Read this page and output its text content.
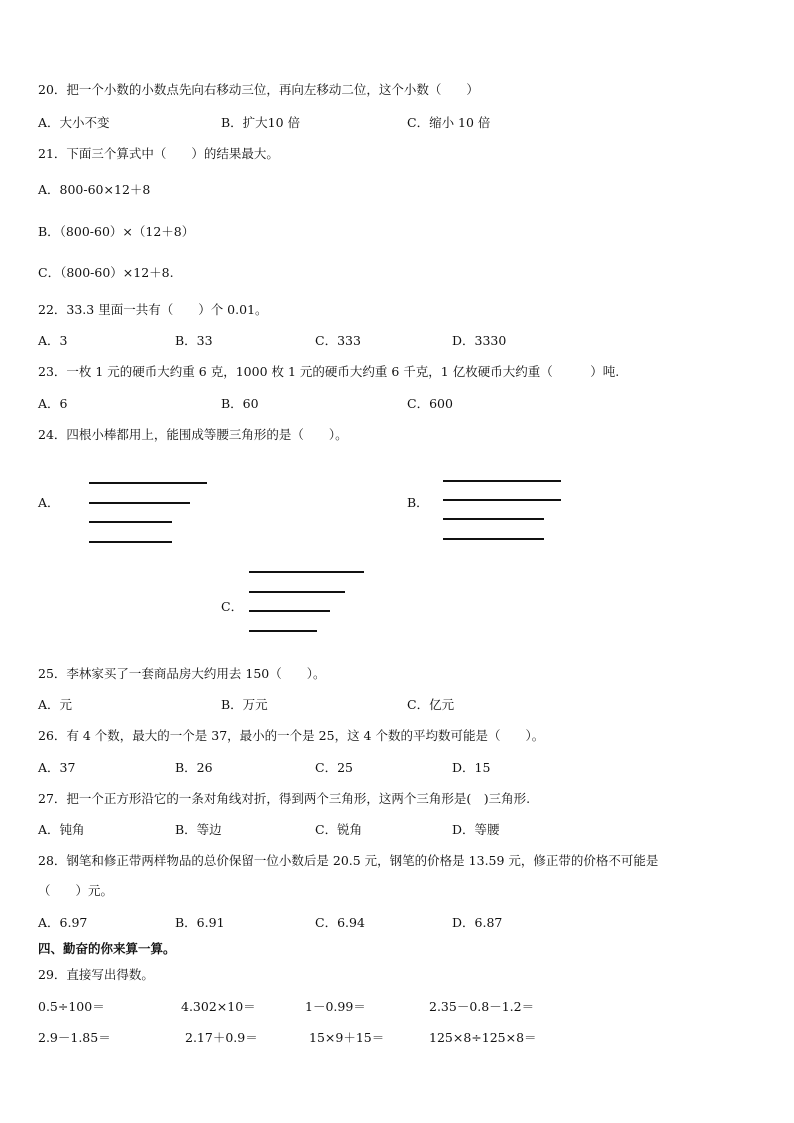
20．把一个小数的小数点先向右移动三位，再向左移动二位，这个小数（　　）
A．大小不变	B．扩大10 倍	C．缩小 10 倍
21．下面三个算式中（　　）的结果最大。
A．800-60×12＋8
B．（800-60）×（12＋8）
C．（800-60）×12＋8.
22．33.3 里面一共有（　　）个 0.01。
A．3	B．33	C．333	D．3330
23．一枚 1 元的硬币大约重 6 克，1000 枚 1 元的硬币大约重 6 千克，1 亿枚硬币大约重（　　　）吨.
A．6	B．60	C．600
24．四根小棒都用上，能围成等腰三角形的是（　　）。
A．	B．
C．
25．李林家买了一套商品房大约用去 150（　　）。
A．元	B．万元	C．亿元
26．有 4 个数，最大的一个是 37，最小的一个是 25，这 4 个数的平均数可能是（　　）。
A．37	B．26	C．25	D．15
27．把一个正方形沿它的一条对角线对折，得到两个三角形，这两个三角形是(　)三角形.
A．钝角	B．等边	C．锐角	D．等腰
28．钢笔和修正带两样物品的总价保留一位小数后是 20.5 元，钢笔的价格是 13.59 元，修正带的价格不可能是
（　　）元。
A．6.97	B．6.91	C．6.94	D．6.87
四、勤奋的你来算一算。
29．直接写出得数。
0.5÷100＝	4.302×10＝	1－0.99＝	2.35－0.8－1.2＝
2.9－1.85＝	2.17＋0.9＝	15×9＋15＝	125×8÷125×8＝
